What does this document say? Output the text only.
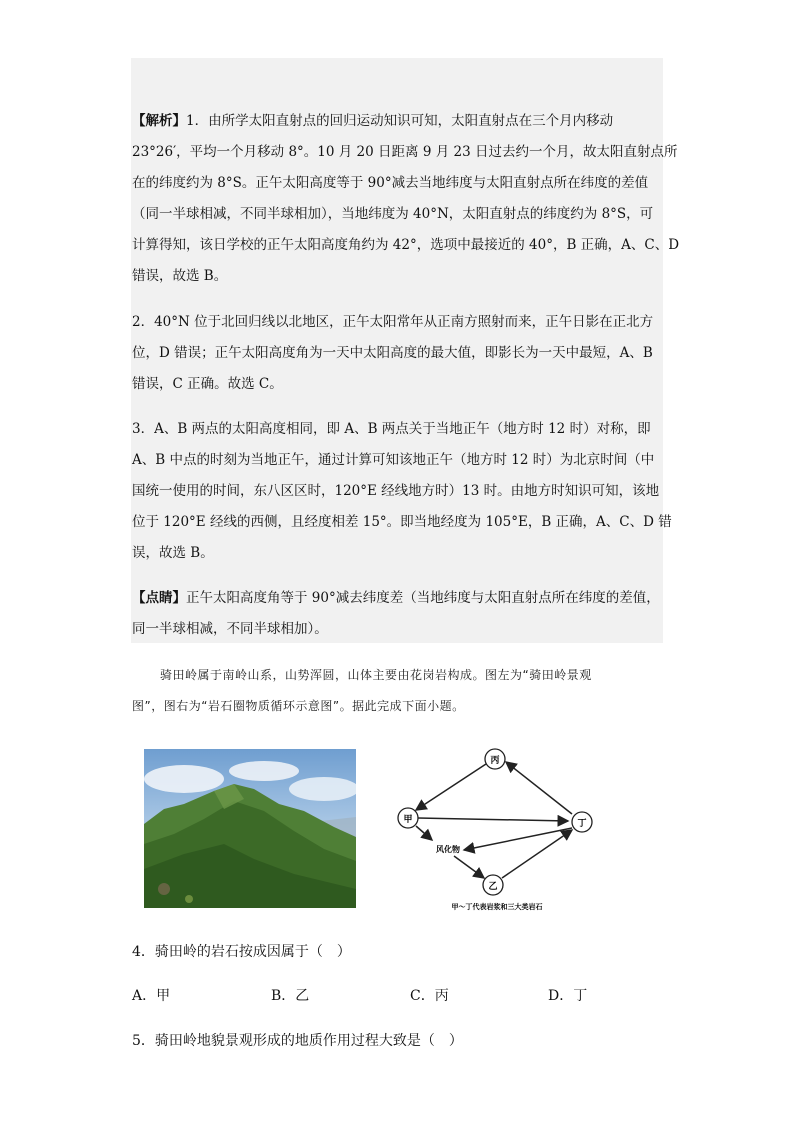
【解析】1．由所学太阳直射点的回归运动知识可知，太阳直射点在三个月内移动
23°26′，平均一个月移动 8°。10 月 20 日距离 9 月 23 日过去约一个月，故太阳直射点所
在的纬度约为 8°S。正午太阳高度等于 90°减去当地纬度与太阳直射点所在纬度的差值
（同一半球相减，不同半球相加），当地纬度为 40°N，太阳直射点的纬度约为 8°S，可
计算得知，该日学校的正午太阳高度角约为 42°，选项中最接近的 40°，B 正确，A、C、D
错误，故选 B。
2．40°N 位于北回归线以北地区，正午太阳常年从正南方照射而来，正午日影在正北方
位，D 错误；正午太阳高度角为一天中太阳高度的最大值，即影长为一天中最短，A、B
错误，C 正确。故选 C。
3．A、B 两点的太阳高度相同，即 A、B 两点关于当地正午（地方时 12 时）对称，即
A、B 中点的时刻为当地正午，通过计算可知该地正午（地方时 12 时）为北京时间（中
国统一使用的时间，东八区区时，120°E 经线地方时）13 时。由地方时知识可知，该地
位于 120°E 经线的西侧，且经度相差 15°。即当地经度为 105°E，B 正确，A、C、D 错
误，故选 B。
【点睛】正午太阳高度角等于 90°减去纬度差（当地纬度与太阳直射点所在纬度的差值，
同一半球相减，不同半球相加）。
骑田岭属于南岭山系，山势浑圆，山体主要由花岗岩构成。图左为“骑田岭景观
图”，图右为“岩石圈物质循环示意图”。据此完成下面小题。
丙
甲	丁
乙
风化物
甲～丁代表岩浆和三大类岩石
4．骑田岭的岩石按成因属于（　）
A．甲	B．乙	C．丙	D．丁
5．骑田岭地貌景观形成的地质作用过程大致是（　）
